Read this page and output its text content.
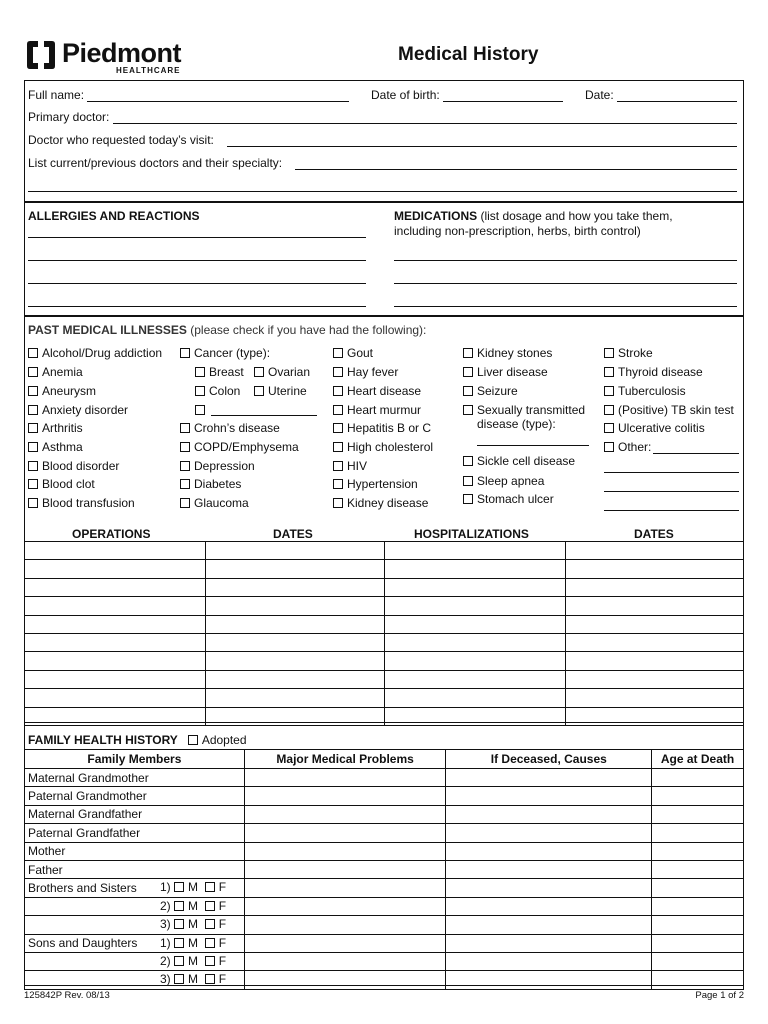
Piedmont
HEALTHCARE
Medical History
Full name:	Date of birth:	Date:
Primary doctor:
Doctor who requested today’s visit:
List current/previous doctors and their specialty:
ALLERGIES AND REACTIONS	MEDICATIONS (list dosage and how you take them,
including non-prescription, herbs, birth control)
PAST MEDICAL ILLNESSES (please check if you have had the following):
Alcohol/Drug addiction
Anemia
Aneurysm
Anxiety disorder
Arthritis
Asthma
Blood disorder
Blood clot
Blood transfusion
Cancer (type):
Breast	Ovarian
Colon	Uterine
Crohn’s disease
COPD/Emphysema
Depression
Diabetes
Glaucoma
Gout
Hay fever
Heart disease
Heart murmur
Hepatitis B or C
High cholesterol
HIV
Hypertension
Kidney disease
Kidney stones
Liver disease
Seizure
Sexually transmitted
disease (type):
Sickle cell disease
Sleep apnea
Stomach ulcer
Stroke
Thyroid disease
Tuberculosis
(Positive) TB skin test
Ulcerative colitis
Other:
OPERATIONS	DATES	HOSPITALIZATIONS	DATES

FAMILY HEALTH HISTORY Adopted
Family Members	Major Medical Problems	If Deceased, Causes	Age at Death
Maternal Grandmother			
Paternal Grandmother			
Maternal Grandfather			
Paternal Grandfather			
Mother			
Father			
Brothers and Sisters 1) M F			

2) M F			

3) M F			

Sons and Daughters 1) M F			

2) M F			

3) M F			

125842P Rev. 08/13	Page 1 of 2
